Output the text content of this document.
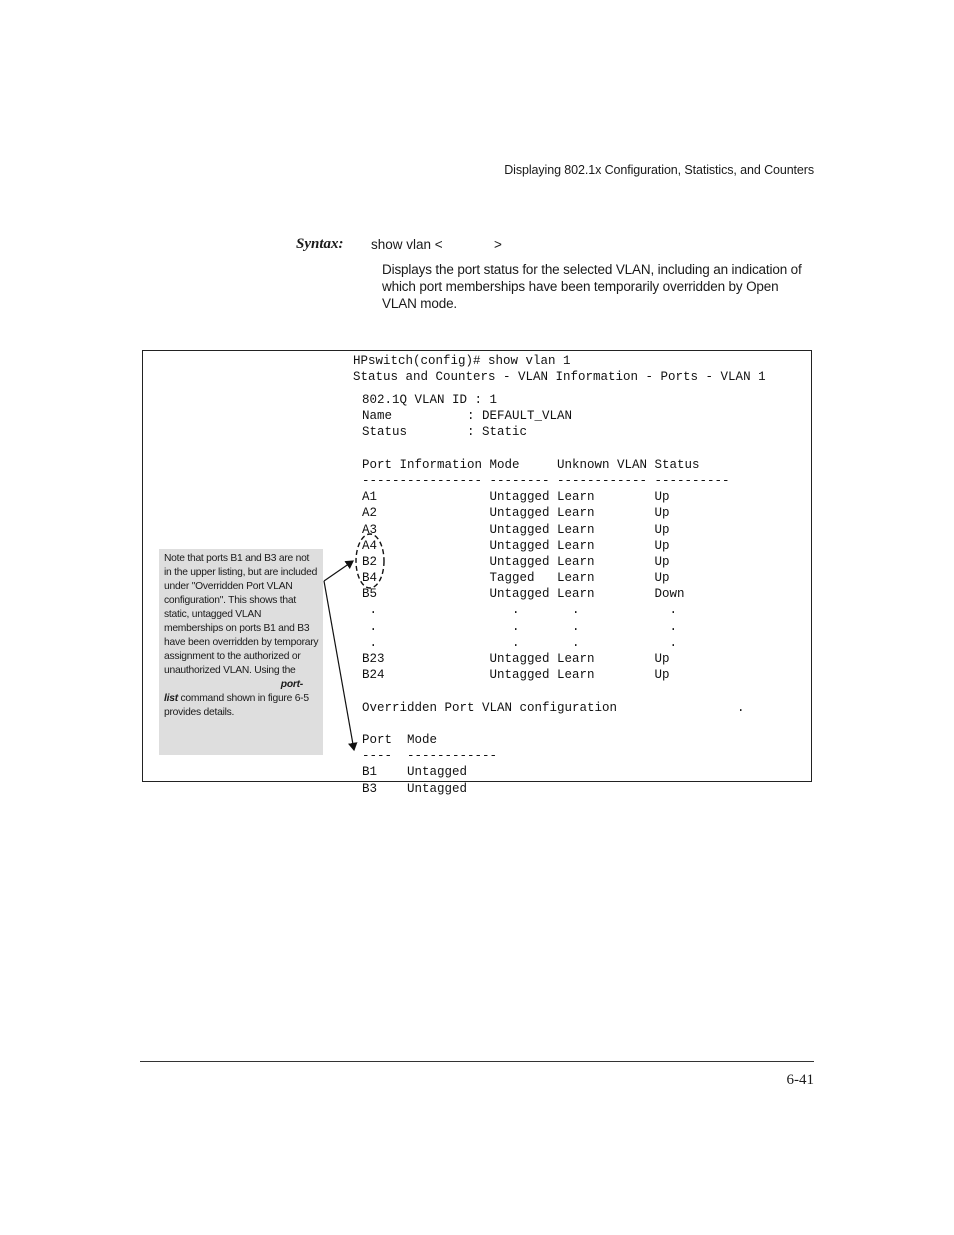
Displaying 802.1x Configuration, Statistics, and Counters
Syntax: show vlan <	>
Displays the port status for the selected VLAN, including an indication of which port memberships have been temporarily overridden by Open VLAN mode.
HPswitch(config)# show vlan 1
Status and Counters - VLAN Information - Ports - VLAN 1
802.1Q VLAN ID : 1
Name          : DEFAULT_VLAN
Status        : Static

Port Information Mode     Unknown VLAN Status
---------------- -------- ------------ ----------
A1               Untagged Learn        Up
A2               Untagged Learn        Up
A3               Untagged Learn        Up
A4               Untagged Learn        Up
B2               Untagged Learn        Up
B4               Tagged   Learn        Up
B5               Untagged Learn        Down
.                  .       .            .
.                  .       .            .
.                  .       .            .
B23              Untagged Learn        Up
B24              Untagged Learn        Up

Overridden Port VLAN configuration                .

Port  Mode
----  ------------
B1    Untagged
B3    Untagged
Note that ports B1 and B3 are not in the upper listing, but are included under "Overridden Port VLAN configuration". This shows that static, untagged VLAN memberships on ports B1 and B3 have been overridden by temporary assignment to the authorized or unauthorized VLAN. Using the
port-
list command shown in figure 6-5 provides details.
6-41
